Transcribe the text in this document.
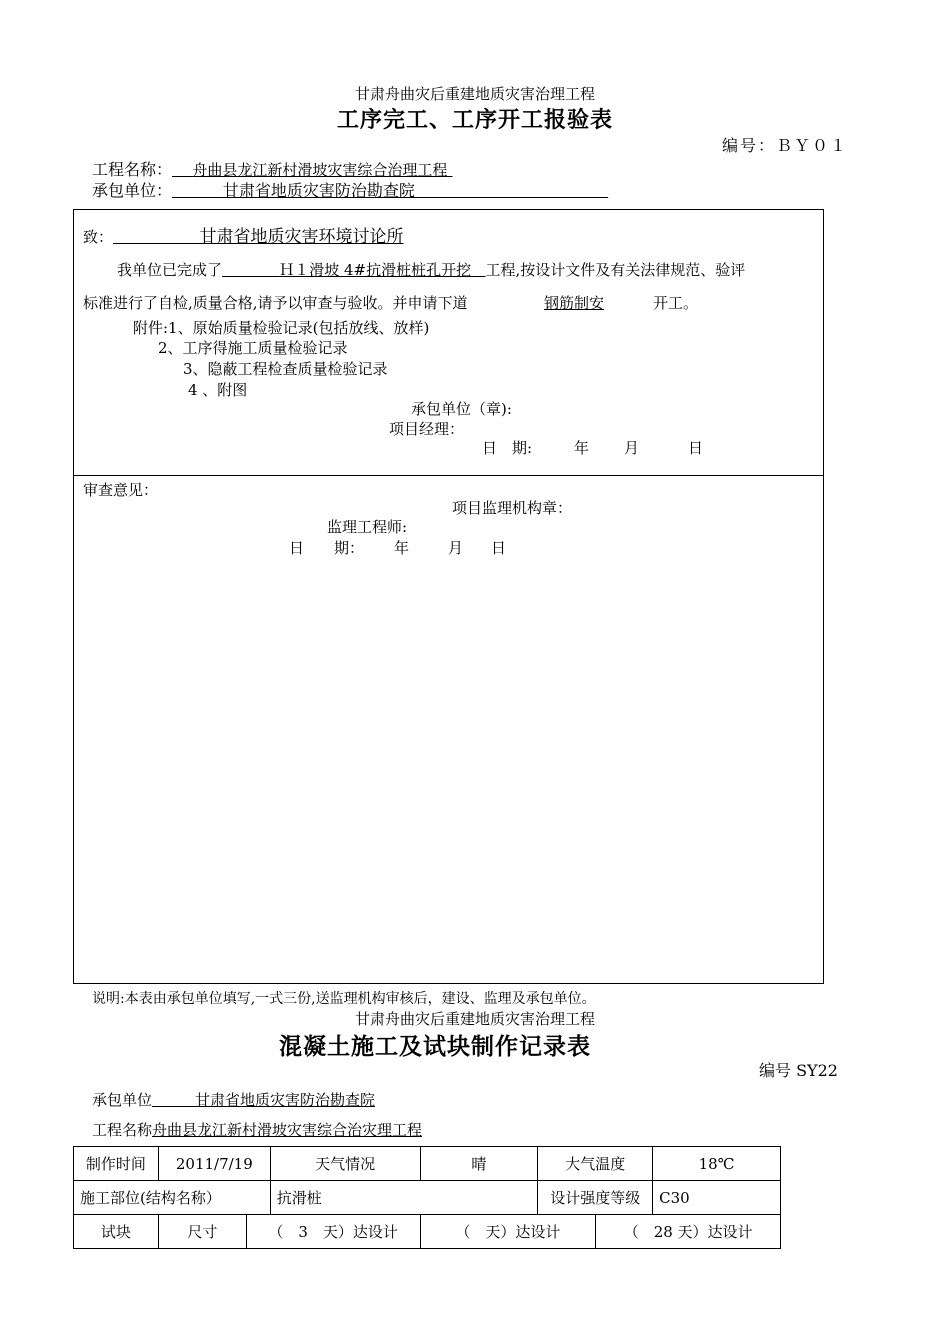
甘肃舟曲灾后重建地质灾害治理工程
工序完工、工序开工报验表
编号：ＢＹ０１
工程名称： 舟曲县龙江新村滑坡灾害综合治理工程
承包单位：	甘肃省地质灾害防治勘查院
致：	甘肃省地质灾害环境讨论所
我单位已完成了	Ｈ１滑坡 4#抗滑桩桩孔开挖 工程,按设计文件及有关法律规范、验评
标准进行了自检,质量合格,请予以审查与验收。并申请下道	钢筋制安	开工。
附件:1、原始质量检验记录(包括放线、放样)
2、工序得施工质量检验记录
3、隐蔽工程检查质量检验记录
4 、附图
承包单位（章):
项目经理：
日　期:	年 月	日
审查意见：
项目监理机构章：
监理工程师:
日　　期： 年	月 日
说明:本表由承包单位填写,一式三份,送监理机构审核后，建设、监理及承包单位。
甘肃舟曲灾后重建地质灾害治理工程
混凝土施工及试块制作记录表
编号 SY22
承包单位	甘肃省地质灾害防治勘查院
工程名称舟曲县龙江新村滑坡灾害综合治灾理工程
制作时间	2011/7/19		天气情况	晴	大气温度		18℃
施工部位(结构名称）			抗滑桩		设计强度等级		C30
试块	尺寸	（　3　天）达设计		（　天）达设计		（　28 天）达设计	
